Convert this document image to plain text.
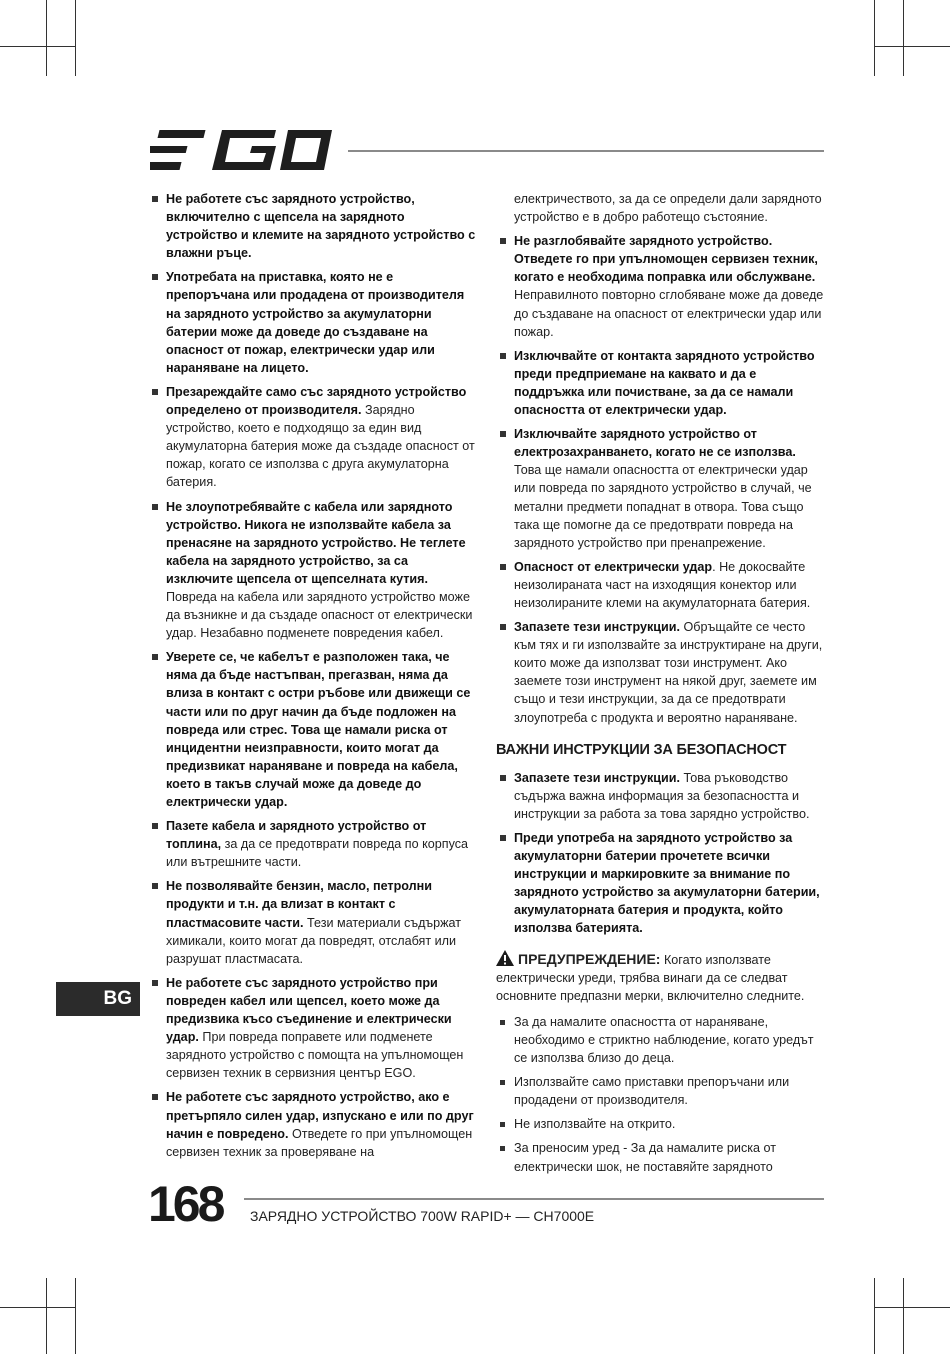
Не работете със зарядното устройство, включително с щепсела на зарядното устройство и клемите на зарядното устройство с влажни ръце.
Употребата на приставка, която не е препоръчана или продадена от производителя на зарядното устройство за акумулаторни батерии може да доведе до създаване на опасност от пожар, електрически удар или нараняване на лицето.
Презареждайте само със зарядното устройство определено от производителя. Зарядно устройство, което е подходящо за един вид акумулаторна батерия може да създаде опасност от пожар, когато се използва с друга акумулаторна батерия.
Не злоупотребявайте с кабела или зарядното устройство. Никога не използвайте кабела за пренасяне на зарядното устройство. Не теглете кабела на зарядното устройство, за са изключите щепсела от щепселната кутия. Повреда на кабела или зарядното устройство може да възникне и да създаде опасност от електрически удар. Незабавно подменете повредения кабел.
Уверете се, че кабелът е разположен така, че няма да бъде настъпван, прегазван, няма да влиза в контакт с остри ръбове или движещи се части или по друг начин да бъде подложен на повреда или стрес. Това ще намали риска от инцидентни неизправности, които могат да предизвикат нараняване и повреда на кабела, което в такъв случай може да доведе до електрически удар.
Пазете кабела и зарядното устройство от топлина, за да се предотврати повреда по корпуса или вътрешните части.
Не позволявайте бензин, масло, петролни продукти и т.н. да влизат в контакт с пластмасовите части. Тези материали съдържат химикали, които могат да повредят, отслабят или разрушат пластмасата.
Не работете със зарядното устройство при повреден кабел или щепсел, което може да предизвика късо съединение и електрически удар. При повреда поправете или подменете зарядното устройство с помощта на упълномощен сервизен техник в сервизния център EGO.
Не работете със зарядното устройство, ако е претърпяло силен удар, изпускано е или по друг начин е повредено. Отведете го при упълномощен сервизен техник за проверяване на
електричеството, за да се определи дали зарядното устройство е в добро работещо състояние.
Не разглобявайте зарядното устройство. Отведете го при упълномощен сервизен техник, когато е необходима поправка или обслужване. Неправилното повторно сглобяване може да доведе до създаване на опасност от електрически удар или пожар.
Изключвайте от контакта зарядното устройство преди предприемане на каквато и да е поддръжка или почистване, за да се намали опасността от електрически удар.
Изключвайте зарядното устройство от електрозахранването, когато не се използва. Това ще намали опасността от електрически удар или повреда по зарядното устройство в случай, че метални предмети попаднат в отвора. Това също така ще помогне да се предотврати повреда на зарядното устройство при пренапрежение.
Опасност от електрически удар. Не докосвайте неизолираната част на изходящия конектор или неизолираните клеми на акумулаторната батерия.
Запазете тези инструкции. Обръщайте се често към тях и ги използвайте за инструктиране на други, които може да използват този инструмент. Ако заемете този инструмент на някой друг, заемете им също и тези инструкции, за да се предотврати злоупотреба с продукта и вероятно нараняване.
ВАЖНИ ИНСТРУКЦИИ ЗА БЕЗОПАСНОСТ
Запазете тези инструкции. Това ръководство съдържа важна информация за безопасността и инструкции за работа за това зарядно устройство.
Преди употреба на зарядното устройство за акумулаторни батерии прочетете всички инструкции и маркировките за внимание по зарядното устройство за акумулаторни батерии, акумулаторната батерия и продукта, който използва батерията.
ПРЕДУПРЕЖДЕНИЕ: Когато използвате електрически уреди, трябва винаги да се следват основните предпазни мерки, включително следните.
За да намалите опасността от нараняване, необходимо е стриктно наблюдение, когато уредът се използва близо до деца.
Използвайте само приставки препоръчани или продадени от производителя.
Не използвайте на открито.
За преносим уред - За да намалите риска от електрически шок, не поставяйте зарядното
BG
168 ЗАРЯДНО УСТРОЙСТВО 700W RAPID+ — CH7000E
